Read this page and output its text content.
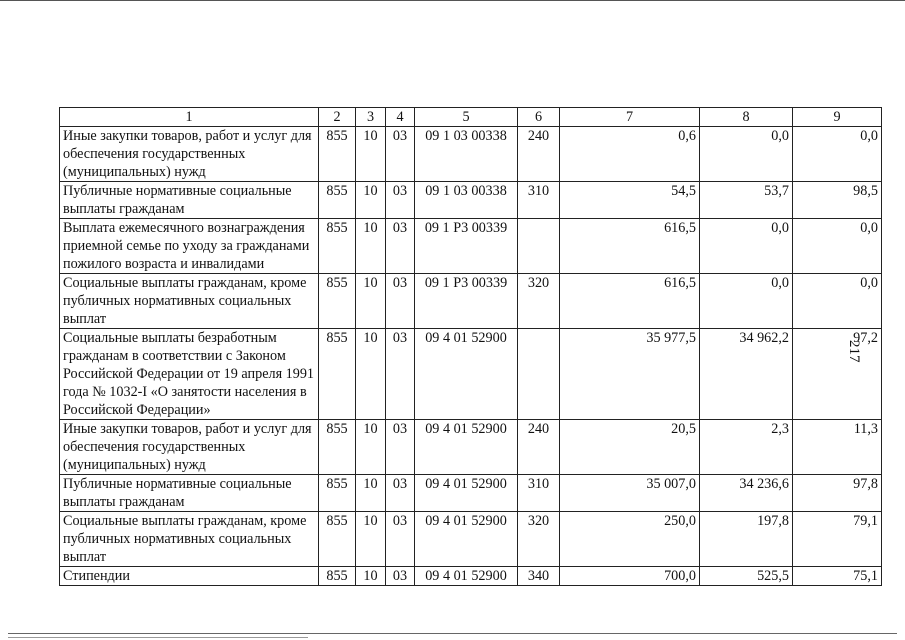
1	2	3	4	5	6	7	8	9
Иные закупки товаров, работ и услуг для обеспечения государственных (муниципальных) нужд	855	10	03	09 1 03 00338	240	0,6	0,0	0,0
Публичные нормативные социальные выплаты гражданам	855	10	03	09 1 03 00338	310	54,5	53,7	98,5
Выплата ежемесячного вознаграждения приемной семье по уходу за гражданами пожилого возраста и инвалидами	855	10	03	09 1 P3 00339		616,5	0,0	0,0
Социальные выплаты гражданам, кроме публичных нормативных социальных выплат	855	10	03	09 1 P3 00339	320	616,5	0,0	0,0
Социальные выплаты безработным гражданам в соответствии с Законом Российской Федерации от 19 апреля 1991 года № 1032-I «О занятости населения в Российской Федерации»	855	10	03	09 4 01 52900		35 977,5	34 962,2	97,2
Иные закупки товаров, работ и услуг для обеспечения государственных (муниципальных) нужд	855	10	03	09 4 01 52900	240	20,5	2,3	11,3
Публичные нормативные социальные выплаты гражданам	855	10	03	09 4 01 52900	310	35 007,0	34 236,6	97,8
Социальные выплаты гражданам, кроме публичных нормативных социальных выплат	855	10	03	09 4 01 52900	320	250,0	197,8	79,1
Стипендии	855	10	03	09 4 01 52900	340	700,0	525,5	75,1
217
